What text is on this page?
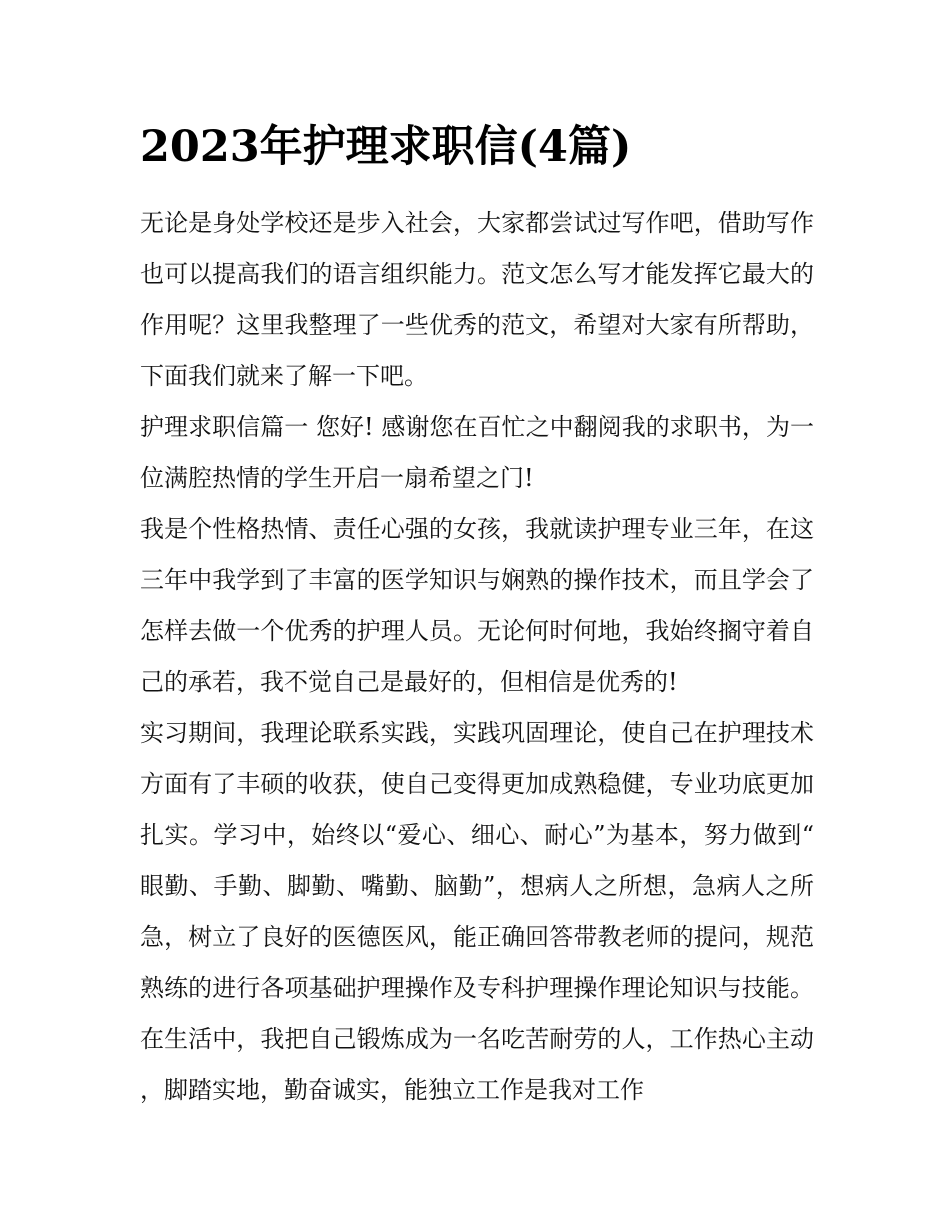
2023年护理求职信(4篇)

无论是身处学校还是步入社会，大家都尝试过写作吧，借助写作也可以提高我们的语言组织能力。范文怎么写才能发挥它最大的作用呢？这里我整理了一些优秀的范文，希望对大家有所帮助，下面我们就来了解一下吧。

护理求职信篇一 您好! 感谢您在百忙之中翻阅我的求职书，为一位满腔热情的学生开启一扇希望之门!

我是个性格热情、责任心强的女孩，我就读护理专业三年，在这三年中我学到了丰富的医学知识与娴熟的操作技术，而且学会了怎样去做一个优秀的护理人员。无论何时何地，我始终搁守着自己的承若，我不觉自己是最好的，但相信是优秀的!

实习期间，我理论联系实践，实践巩固理论，使自己在护理技术方面有了丰硕的收获，使自己变得更加成熟稳健，专业功底更加扎实。学习中，始终以“爱心、细心、耐心”为基本，努力做到“眼勤、手勤、脚勤、嘴勤、脑勤”，想病人之所想，急病人之所急，树立了良好的医德医风，能正确回答带教老师的提问，规范熟练的进行各项基础护理操作及专科护理操作理论知识与技能。在生活中，我把自己锻炼成为一名吃苦耐劳的人，工作热心主动，脚踏实地，勤奋诚实，能独立工作是我对工作
